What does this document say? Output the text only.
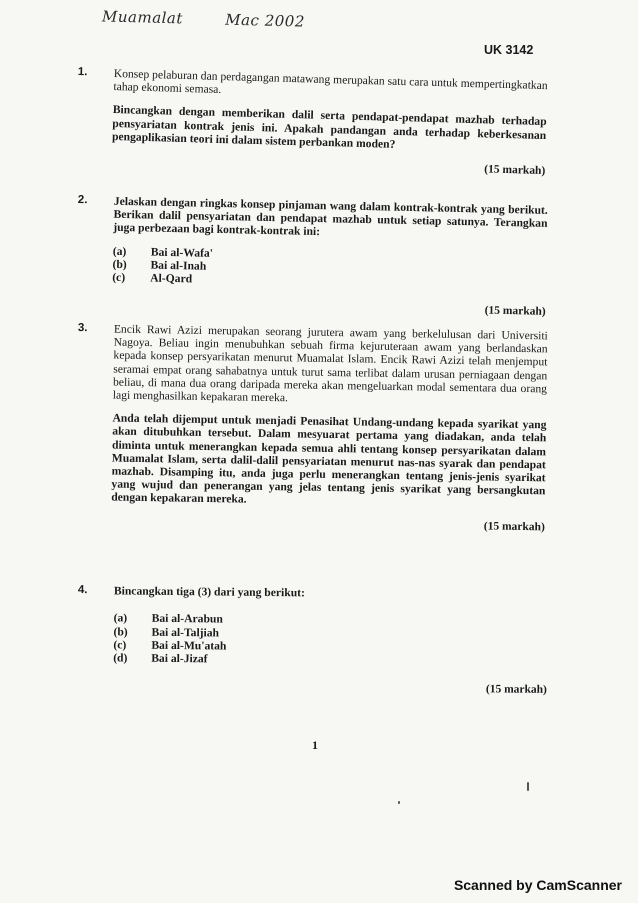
Muamalat	Mac 2002
UK 3142
1. Konsep pelaburan dan perdagangan matawang merupakan satu cara untuk mempertingkatkan tahap ekonomi semasa.

Bincangkan dengan memberikan dalil serta pendapat-pendapat mazhab terhadap pensyariatan kontrak jenis ini. Apakah pandangan anda terhadap keberkesanan pengaplikasian teori ini dalam sistem perbankan moden?

(15 markah)
2. Jelaskan dengan ringkas konsep pinjaman wang dalam kontrak-kontrak yang berikut. Berikan dalil pensyariatan dan pendapat mazhab untuk setiap satunya. Terangkan juga perbezaan bagi kontrak-kontrak ini:

(a)	Bai al-Wafa'
(b)	Bai al-Inah
(c)	Al-Qard
(15 markah)
3. Encik Rawi Azizi merupakan seorang jurutera awam yang berkelulusan dari Universiti Nagoya. Beliau ingin menubuhkan sebuah firma kejuruteraan awam yang berlandaskan kepada konsep persyarikatan menurut Muamalat Islam. Encik Rawi Azizi telah menjemput seramai empat orang sahabatnya untuk turut sama terlibat dalam urusan perniagaan dengan beliau, di mana dua orang daripada mereka akan mengeluarkan modal sementara dua orang lagi menghasilkan kepakaran mereka.

Anda telah dijemput untuk menjadi Penasihat Undang-undang kepada syarikat yang akan ditubuhkan tersebut. Dalam mesyuarat pertama yang diadakan, anda telah diminta untuk menerangkan kepada semua ahli tentang konsep persyarikatan dalam Muamalat Islam, serta dalil-dalil pensyariatan menurut nas-nas syarak dan pendapat mazhab. Disamping itu, anda juga perlu menerangkan tentang jenis-jenis syarikat yang wujud dan penerangan yang jelas tentang jenis syarikat yang bersangkutan dengan kepakaran mereka.

(15 markah)
4. Bincangkan tiga (3) dari yang berikut:

(a)	Bai al-Arabun
(b)	Bai al-Taljiah
(c)	Bai al-Mu'atah
(d)	Bai al-Jizaf
(15 markah)
1
Scanned by CamScanner
